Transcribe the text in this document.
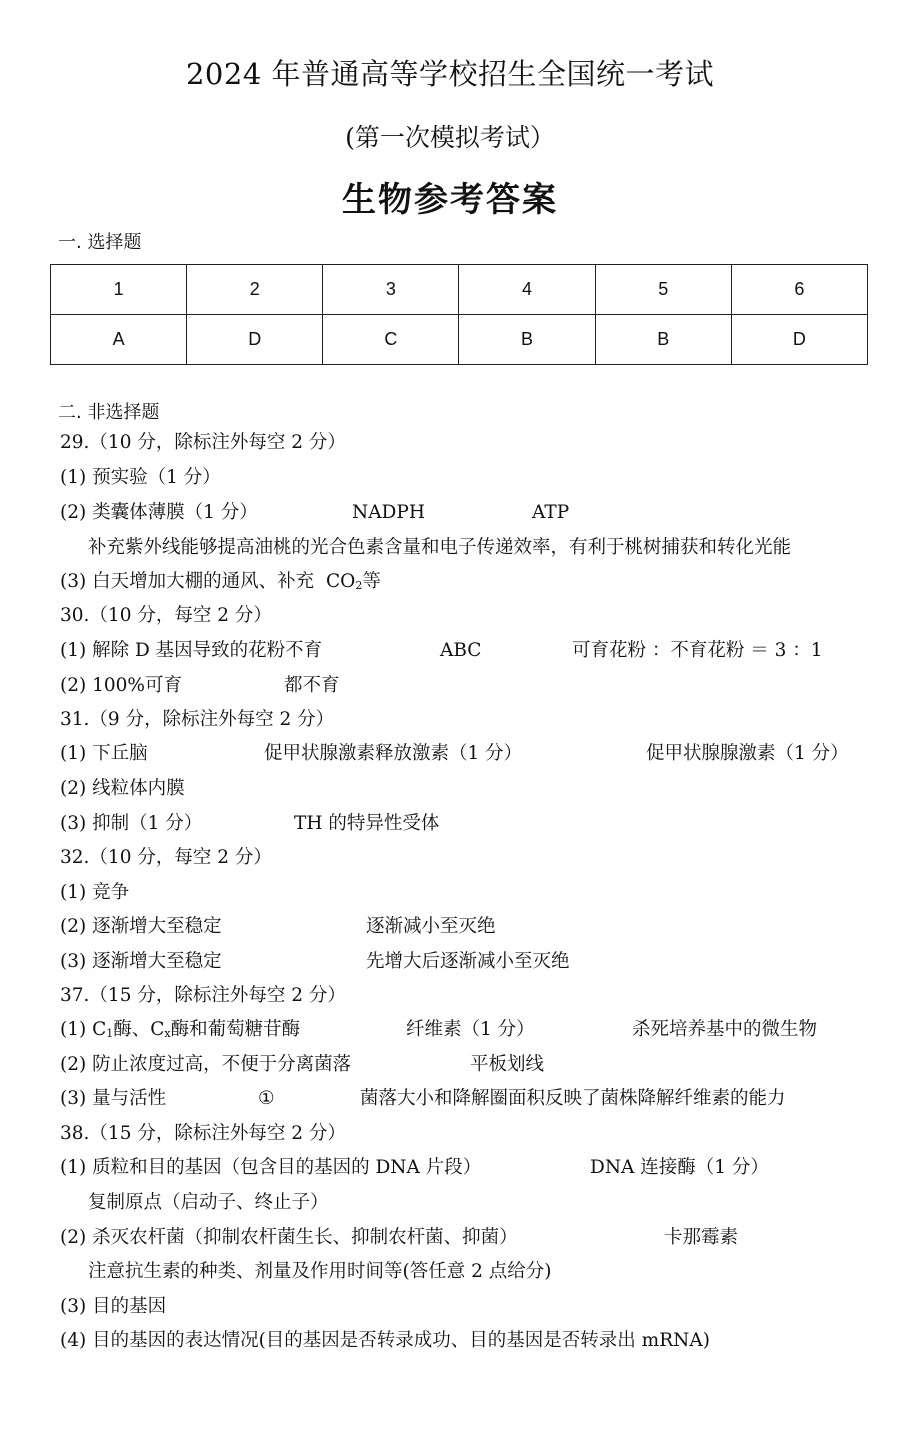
2024 年普通高等学校招生全国统一考试
(第一次模拟考试）
生物参考答案
一. 选择题
1	2	3	4	5	6
A	D	C	B	B	D
二. 非选择题
29.（10 分，除标注外每空 2 分）
(1) 预实验（1 分）
(2) 类囊体薄膜（1 分）	NADPH	ATP
补充紫外线能够提高油桃的光合色素含量和电子传递效率，有利于桃树捕获和转化光能
(3) 白天增加大棚的通风、补充 $CO_2$等
30.（10 分，每空 2 分）
(1) 解除 D 基因导致的花粉不育	ABC	可育花粉 ：不育花粉 ＝ 3 ：1
(2) 100%可育	都不育
31.（9 分，除标注外每空 2 分）
(1) 下丘脑	促甲状腺激素释放激素（1 分）	促甲状腺腺激素（1 分）
(2) 线粒体内膜
(3) 抑制（1 分）	TH 的特异性受体
32.（10 分，每空 2 分）
(1) 竞争
(2) 逐渐增大至稳定	逐渐减小至灭绝
(3) 逐渐增大至稳定	先增大后逐渐减小至灭绝
37.（15 分，除标注外每空 2 分）
(1) $C_1$酶、$C_x$酶和葡萄糖苷酶	纤维素（1 分）	杀死培养基中的微生物
(2) 防止浓度过高，不便于分离菌落	平板划线
(3) 量与活性	①	菌落大小和降解圈面积反映了菌株降解纤维素的能力
38.（15 分，除标注外每空 2 分）
(1) 质粒和目的基因（包含目的基因的 DNA 片段）	DNA 连接酶（1 分）
复制原点（启动子、终止子）
(2) 杀灭农杆菌（抑制农杆菌生长、抑制农杆菌、抑菌）	卡那霉素
注意抗生素的种类、剂量及作用时间等(答任意 2 点给分)
(3) 目的基因
(4) 目的基因的表达情况(目的基因是否转录成功、目的基因是否转录出 mRNA)
